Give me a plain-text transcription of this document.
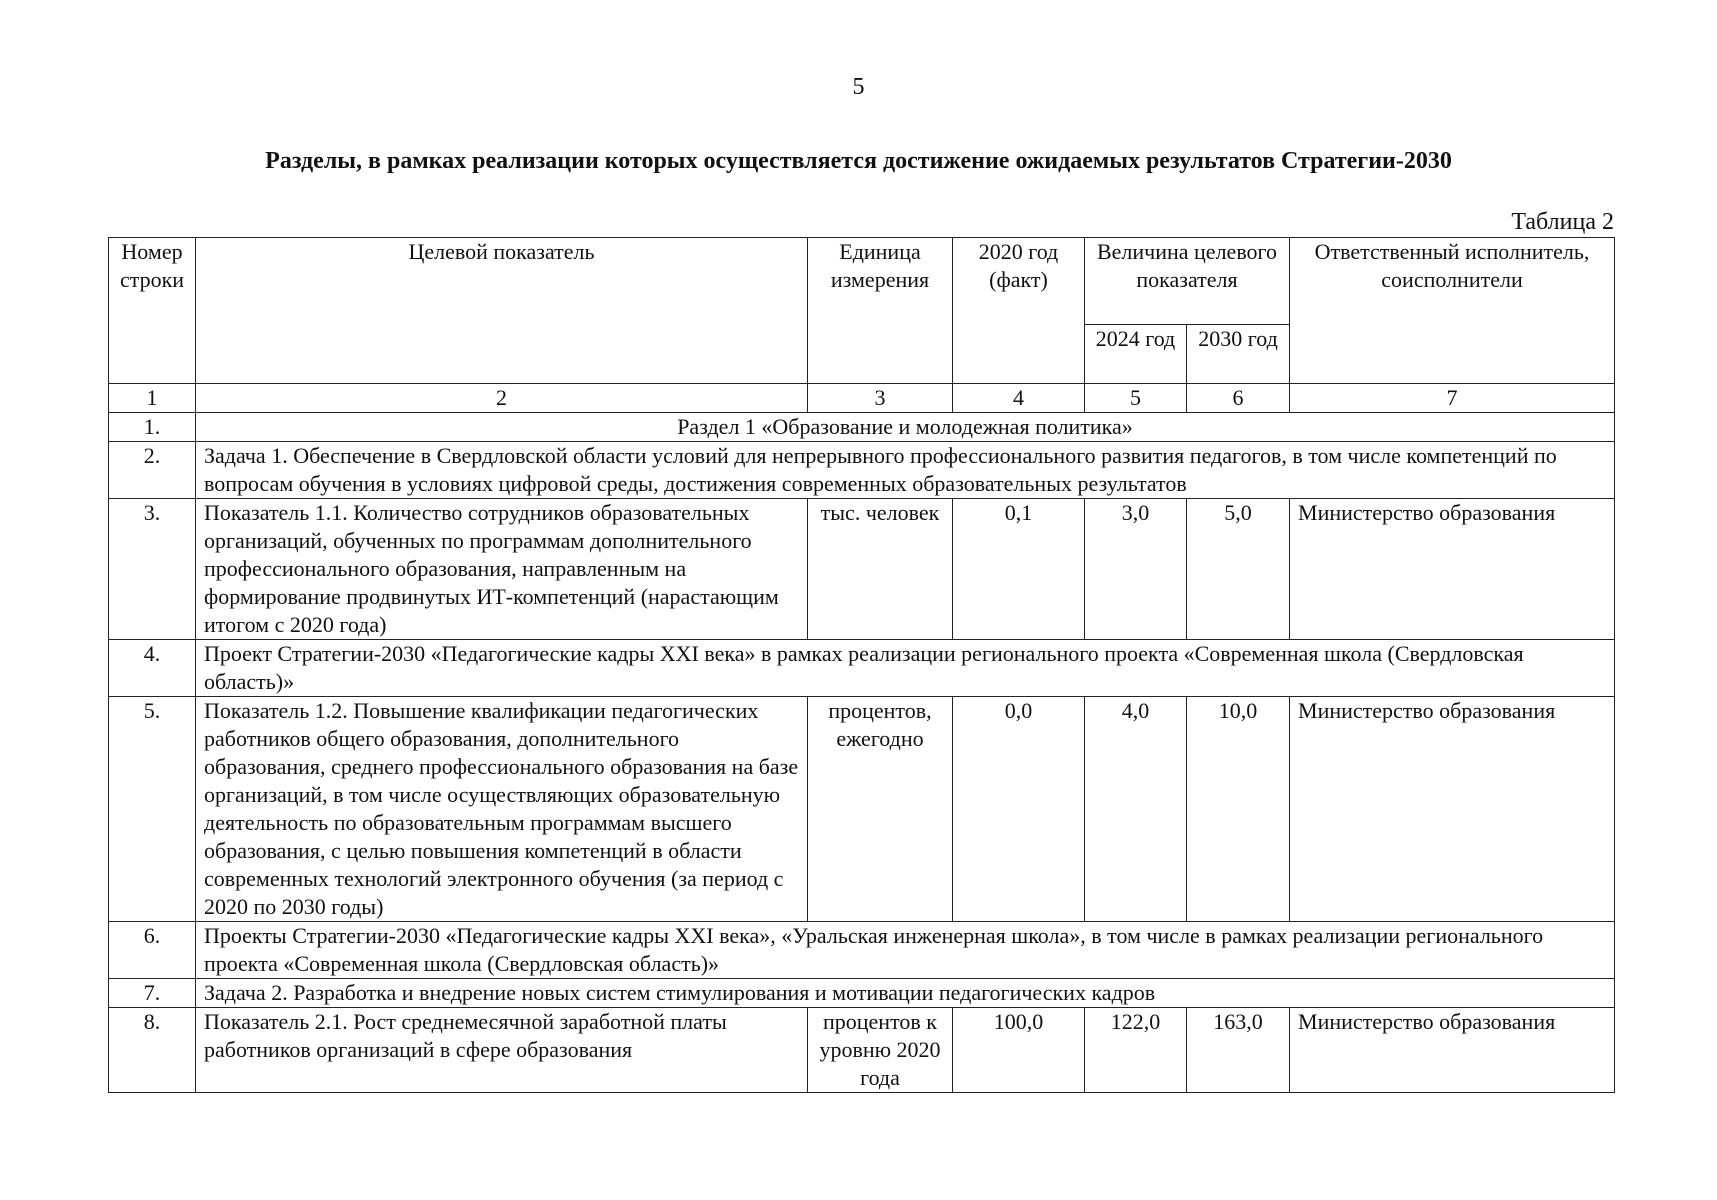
5
Разделы, в рамках реализации которых осуществляется достижение ожидаемых результатов Стратегии-2030
Таблица 2
Номер строки	Целевой показатель	Единица измерения	2020 год (факт)	Величина целевого показателя		Ответственный исполнитель, соисполнители
				2024 год	2030 год	
1	2	3	4	5	6	7
1.	Раздел 1 «Образование и молодежная политика»					
2.	Задача 1. Обеспечение в Свердловской области условий для непрерывного профессионального развития педагогов, в том числе компетенций по вопросам обучения в условиях цифровой среды, достижения современных образовательных результатов					
3.	Показатель 1.1. Количество сотрудников образовательных организаций, обученных по программам дополнительного профессионального образования, направленным на формирование продвинутых ИТ-компетенций (нарастающим итогом с 2020 года)	тыс. человек	0,1	3,0	5,0	Министерство образования
4.	Проект Стратегии-2030 «Педагогические кадры XXI века» в рамках реализации регионального проекта «Современная школа (Свердловская область)»					
5.	Показатель 1.2. Повышение квалификации педагогических работников общего образования, дополнительного образования, среднего профессионального образования на базе организаций, в том числе осуществляющих образовательную деятельность по образовательным программам высшего образования, с целью повышения компетенций в области современных технологий электронного обучения (за период с 2020 по 2030 годы)	процентов, ежегодно	0,0	4,0	10,0	Министерство образования
6.	Проекты Стратегии-2030 «Педагогические кадры XXI века», «Уральская инженерная школа», в том числе в рамках реализации регионального проекта «Современная школа (Свердловская область)»					
7.	Задача 2. Разработка и внедрение новых систем стимулирования и мотивации педагогических кадров					
8.	Показатель 2.1. Рост среднемесячной заработной платы работников организаций в сфере образования	процентов к уровню 2020 года	100,0	122,0	163,0	Министерство образования
